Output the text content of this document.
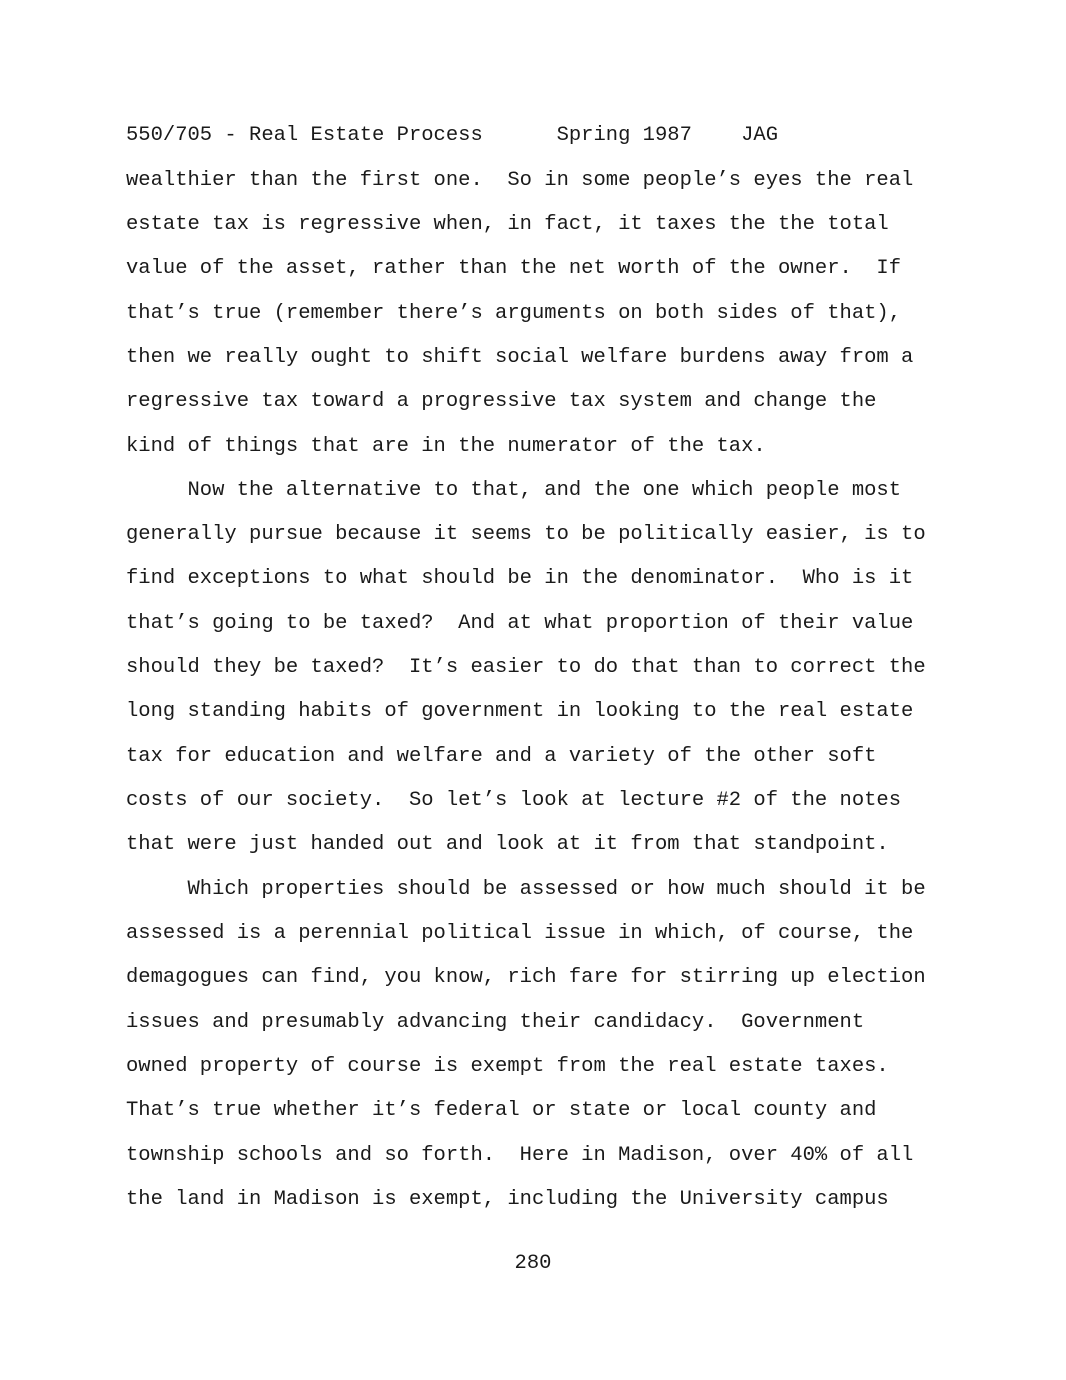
550/705 - Real Estate Process      Spring 1987    JAG
wealthier than the first one.  So in some people’s eyes the real
estate tax is regressive when, in fact, it taxes the the total
value of the asset, rather than the net worth of the owner.  If
that’s true (remember there’s arguments on both sides of that),
then we really ought to shift social welfare burdens away from a
regressive tax toward a progressive tax system and change the
kind of things that are in the numerator of the tax.
Now the alternative to that, and the one which people most
generally pursue because it seems to be politically easier, is to
find exceptions to what should be in the denominator.  Who is it
that’s going to be taxed?  And at what proportion of their value
should they be taxed?  It’s easier to do that than to correct the
long standing habits of government in looking to the real estate
tax for education and welfare and a variety of the other soft
costs of our society.  So let’s look at lecture #2 of the notes
that were just handed out and look at it from that standpoint.
Which properties should be assessed or how much should it be
assessed is a perennial political issue in which, of course, the
demagogues can find, you know, rich fare for stirring up election
issues and presumably advancing their candidacy.  Government
owned property of course is exempt from the real estate taxes.
That’s true whether it’s federal or state or local county and
township schools and so forth.  Here in Madison, over 40% of all
the land in Madison is exempt, including the University campus
280
